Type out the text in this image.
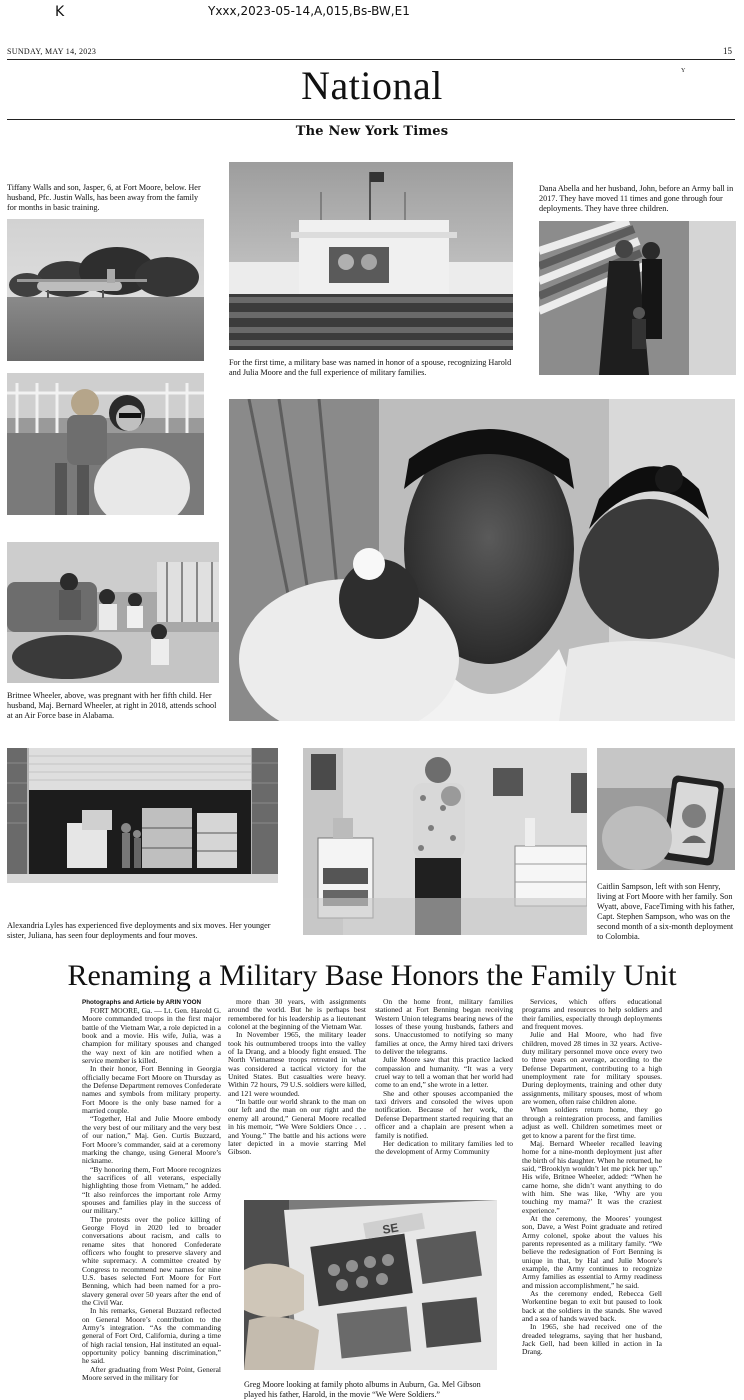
K	Yxxx,2023-05-14,A,015,Bs-BW,E1
SUNDAY, MAY 14, 2023	15
National	Y
The New York Times
Tiffany Walls and son, Jasper, 6, at Fort Moore, below. Her husband, Pfc. Justin Walls, has been away from the family for months in basic training.
For the first time, a military base was named in honor of a spouse, recognizing Harold and Julia Moore and the full experience of military families.
Dana Abella and her husband, John, before an Army ball in 2017. They have moved 11 times and gone through four deployments. They have three children.
Britnee Wheeler, above, was pregnant with her fifth child. Her husband, Maj. Bernard Wheeler, at right in 2018, attends school at an Air Force base in Alabama.
Alexandria Lyles has experienced five deployments and six moves. Her younger sister, Juliana, has seen four deployments and four moves.
Caitlin Sampson, left with son Henry, living at Fort Moore with her family. Son Wyatt, above, FaceTiming with his father, Capt. Stephen Sampson, who was on the second month of a six-month deployment to Colombia.
Renaming a Military Base Honors the Family Unit
Photographs and Article by ARIN YOON

FORT MOORE, Ga. — Lt. Gen. Harold G. Moore commanded troops in the first major battle of the Vietnam War, a role depicted in a book and a movie. His wife, Julia, was a champion for military spouses and changed the way next of kin are notified when a service member is killed.

In their honor, Fort Benning in Georgia officially became Fort Moore on Thursday as the Defense Department removes Confederate names and symbols from military property. Fort Moore is the only base named for a married couple.

“Together, Hal and Julie Moore embody the very best of our military and the very best of our nation,” Maj. Gen. Curtis Buzzard, Fort Moore’s commander, said at a ceremony marking the change, using General Moore’s nickname.

“By honoring them, Fort Moore recognizes the sacrifices of all veterans, especially highlighting those from Vietnam,” he added. “It also reinforces the important role Army spouses and families play in the success of our military.”

The protests over the police killing of George Floyd in 2020 led to broader conversations about racism, and calls to rename sites that honored Confederate officers who fought to preserve slavery and white supremacy. A committee created by Congress to recommend new names for nine U.S. bases selected Fort Moore for Fort Benning, which had been named for a pro-slavery general over 50 years after the end of the Civil War.

In his remarks, General Buzzard reflected on General Moore’s contribution to the Army’s integration. “As the commanding general of Fort Ord, California, during a time of high racial tension, Hal instituted an equal-opportunity policy banning discrimination,” he said.

After graduating from West Point, General Moore served in the military for

more than 30 years, with assignments around the world. But he is perhaps best remembered for his leadership as a lieutenant colonel at the beginning of the Vietnam War.

In November 1965, the military leader took his outnumbered troops into the valley of Ia Drang, and a bloody fight ensued. The North Vietnamese troops retreated in what was considered a tactical victory for the United States. But casualties were heavy. Within 72 hours, 79 U.S. soldiers were killed, and 121 were wounded.

“In battle our world shrank to the man on our left and the man on our right and the enemy all around,” General Moore recalled in his memoir, “We Were Soldiers Once . . . and Young.” The battle and his actions were later depicted in a movie starring Mel Gibson.

On the home front, military families stationed at Fort Benning began receiving Western Union telegrams bearing news of the losses of these young husbands, fathers and sons. Unaccustomed to notifying so many families at once, the Army hired taxi drivers to deliver the telegrams.

Julie Moore saw that this practice lacked compassion and humanity. “It was a very cruel way to tell a woman that her world had come to an end,” she wrote in a letter.

She and other spouses accompanied the taxi drivers and consoled the wives upon notification. Because of her work, the Defense Department started requiring that an officer and a chaplain are present when a family is notified.

Her dedication to military families led to the development of Army Community

Services, which offers educational programs and resources to help soldiers and their families, especially through deployments and frequent moves.

Julie and Hal Moore, who had five children, moved 28 times in 32 years. Active-duty military personnel move once every two to three years on average, according to the Defense Department, contributing to a high unemployment rate for military spouses. During deployments, training and other duty assignments, military spouses, most of whom are women, often raise children alone.

When soldiers return home, they go through a reintegration process, and families adjust as well. Children sometimes meet or get to know a parent for the first time.

Maj. Bernard Wheeler recalled leaving home for a nine-month deployment just after the birth of his daughter. When he returned, he said, “Brooklyn wouldn’t let me pick her up.” His wife, Britnee Wheeler, added: “When he came home, she didn’t want anything to do with him. She was like, ‘Why are you touching my mama?’ It was the craziest experience.”

At the ceremony, the Moores’ youngest son, Dave, a West Point graduate and retired Army colonel, spoke about the values his parents represented as a military family. “We believe the redesignation of Fort Benning is unique in that, by Hal and Julie Moore’s example, the Army continues to recognize Army families as essential to Army readiness and mission accomplishment,” he said.

As the ceremony ended, Rebecca Gell Workentine began to exit but paused to look back at the soldiers in the stands. She waved and a sea of hands waved back.

In 1965, she had received one of the dreaded telegrams, saying that her husband, Jack Gell, had been killed in action in Ia Drang.

SE
Greg Moore looking at family photo albums in Auburn, Ga. Mel Gibson played his father, Harold, in the movie “We Were Soldiers.”
